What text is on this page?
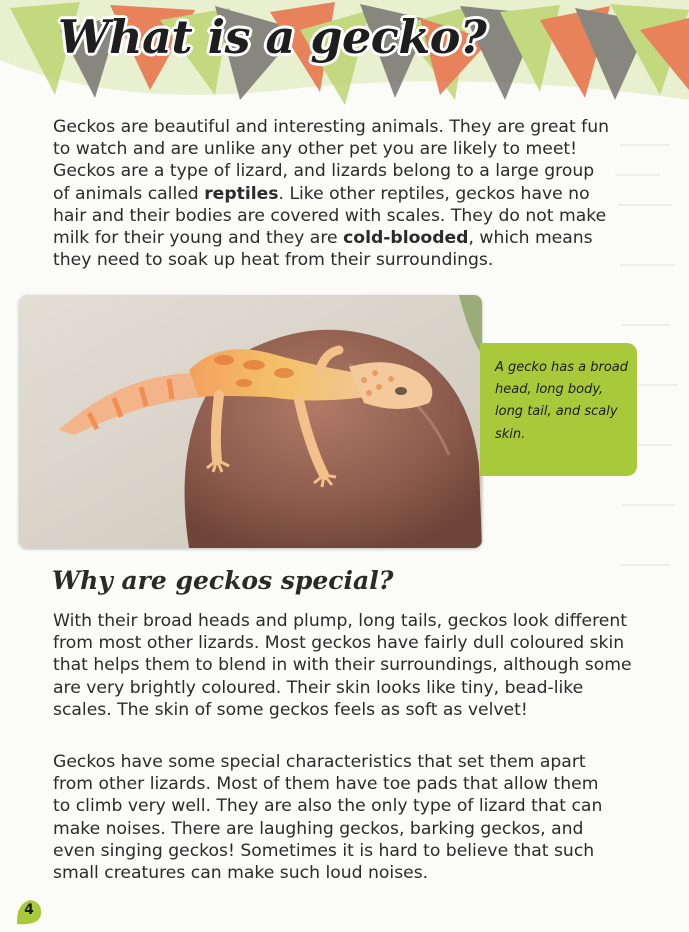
What is a gecko?

Geckos are beautiful and interesting animals. They are great fun to watch and are unlike any other pet you are likely to meet! Geckos are a type of lizard, and lizards belong to a large group of animals called reptiles. Like other reptiles, geckos have no hair and their bodies are covered with scales. They do not make milk for their young and they are cold-blooded, which means they need to soak up heat from their surroundings.

A gecko has a broad head, long body, long tail, and scaly skin.

Why are geckos special?

With their broad heads and plump, long tails, geckos look different from most other lizards. Most geckos have fairly dull coloured skin that helps them to blend in with their surroundings, although some are very brightly coloured. Their skin looks like tiny, bead-like scales. The skin of some geckos feels as soft as velvet!

Geckos have some special characteristics that set them apart from other lizards. Most of them have toe pads that allow them to climb very well. They are also the only type of lizard that can make noises. There are laughing geckos, barking geckos, and even singing geckos! Sometimes it is hard to believe that such small creatures can make such loud noises.

4
